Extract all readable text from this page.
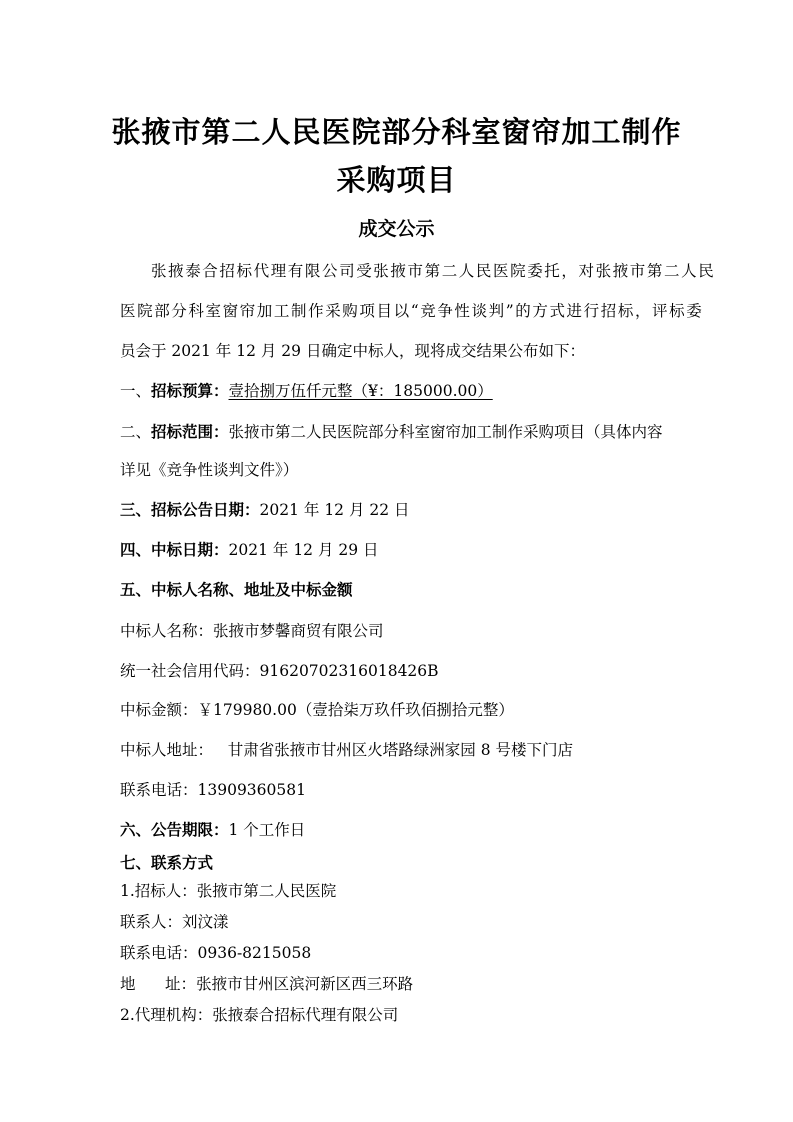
张掖市第二人民医院部分科室窗帘加工制作
采购项目
成交公示
张掖泰合招标代理有限公司受张掖市第二人民医院委托，对张掖市第二人民
医院部分科室窗帘加工制作采购项目以“竞争性谈判”的方式进行招标，评标委
员会于 2021 年 12 月 29 日确定中标人，现将成交结果公布如下：
一、招标预算：壹拾捌万伍仟元整（¥：185000.00）
二、招标范围：张掖市第二人民医院部分科室窗帘加工制作采购项目（具体内容
详见《竞争性谈判文件》）
三、招标公告日期：2021 年 12 月 22 日
四、中标日期：2021 年 12 月 29 日
五、中标人名称、地址及中标金额
中标人名称：张掖市梦馨商贸有限公司
统一社会信用代码：91620702316018426B
中标金额：￥179980.00（壹拾柒万玖仟玖佰捌拾元整）
中标人地址：   甘肃省张掖市甘州区火塔路绿洲家园 8 号楼下门店
联系电话：13909360581
六、公告期限：1 个工作日
七、联系方式
1.招标人：张掖市第二人民医院
联系人：刘汶漾
联系电话：0936-8215058
地      址：张掖市甘州区滨河新区西三环路
2.代理机构：张掖泰合招标代理有限公司
